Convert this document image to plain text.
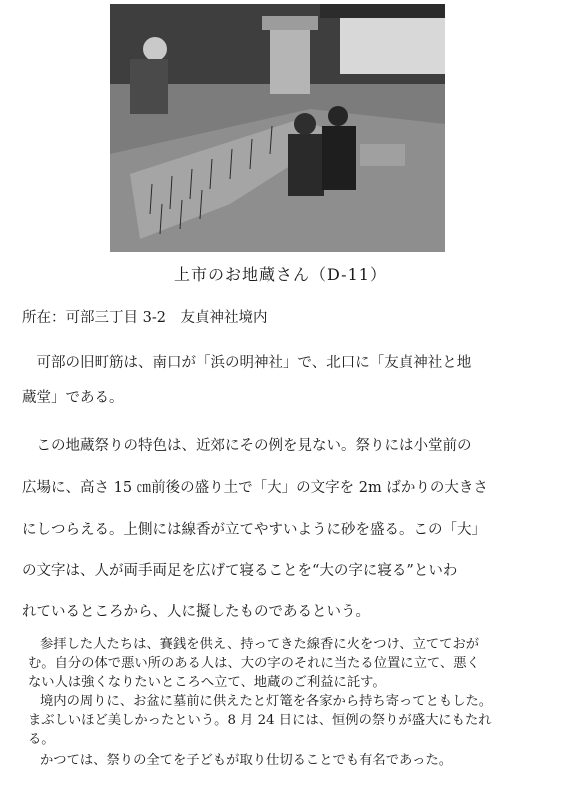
上市のお地蔵さん（D-11）
所在：可部三丁目 3-2　友貞神社境内
　可部の旧町筋は、南口が「浜の明神社」で、北口に「友貞神社と地
蔵堂」である。
　この地蔵祭りの特色は、近郊にその例を見ない。祭りには小堂前の
広場に、高さ 15 ㎝前後の盛り土で「大」の文字を 2m ばかりの大きさ
にしつらえる。上側には線香が立てやすいように砂を盛る。この「大」
の文字は、人が両手両足を広げて寝ることを“大の字に寝る”といわ
れているところから、人に擬したものであるという。
参拝した人たちは、賽銭を供え、持ってきた線香に火をつけ、立てておが
む。自分の体で悪い所のある人は、大の字のそれに当たる位置に立て、悪く
ない人は強くなりたいところへ立て、地蔵のご利益に託す。
境内の周りに、お盆に墓前に供えたと灯篭を各家から持ち寄ってともした。
まぶしいほど美しかったという。8 月 24 日には、恒例の祭りが盛大にもたれ
る。
かつては、祭りの全てを子どもが取り仕切ることでも有名であった。
